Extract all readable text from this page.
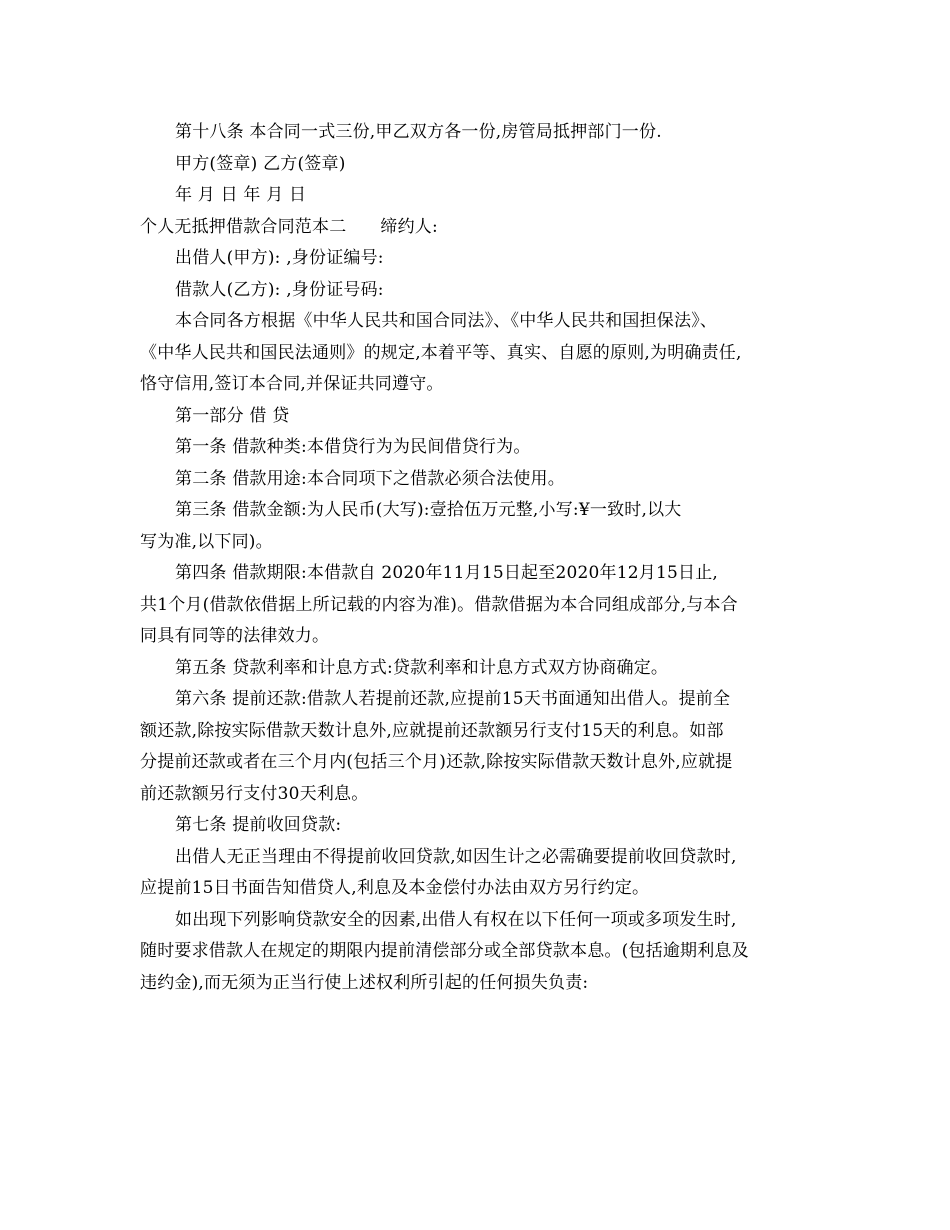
第十八条 本合同一式三份,甲乙双方各一份,房管局抵押部门一份.

甲方(签章) 乙方(签章)

年 月 日 年 月 日

个人无抵押借款合同范本二 缔约人:

出借人(甲方): ,身份证编号:

借款人(乙方): ,身份证号码:

本合同各方根据《中华人民共和国合同法》、《中华人民共和国担保法》、
《中华人民共和国民法通则》的规定,本着平等、真实、自愿的原则,为明确责任,
恪守信用,签订本合同,并保证共同遵守。

第一部分 借 贷

第一条 借款种类:本借贷行为为民间借贷行为。

第二条 借款用途:本合同项下之借款必须合法使用。

第三条 借款金额:为人民币(大写):壹拾伍万元整,小写:¥一致时,以大
写为准,以下同)。

第四条 借款期限:本借款自 2020年11月15日起至2020年12月15日止,
共1个月(借款依借据上所记载的内容为准)。借款借据为本合同组成部分,与本合
同具有同等的法律效力。

第五条 贷款利率和计息方式:贷款利率和计息方式双方协商确定。

第六条 提前还款:借款人若提前还款,应提前15天书面通知出借人。提前全
额还款,除按实际借款天数计息外,应就提前还款额另行支付15天的利息。如部
分提前还款或者在三个月内(包括三个月)还款,除按实际借款天数计息外,应就提
前还款额另行支付30天利息。

第七条 提前收回贷款:

出借人无正当理由不得提前收回贷款,如因生计之必需确要提前收回贷款时,
应提前15日书面告知借贷人,利息及本金偿付办法由双方另行约定。

如出现下列影响贷款安全的因素,出借人有权在以下任何一项或多项发生时,
随时要求借款人在规定的期限内提前清偿部分或全部贷款本息。(包括逾期利息及
违约金),而无须为正当行使上述权利所引起的任何损失负责:
